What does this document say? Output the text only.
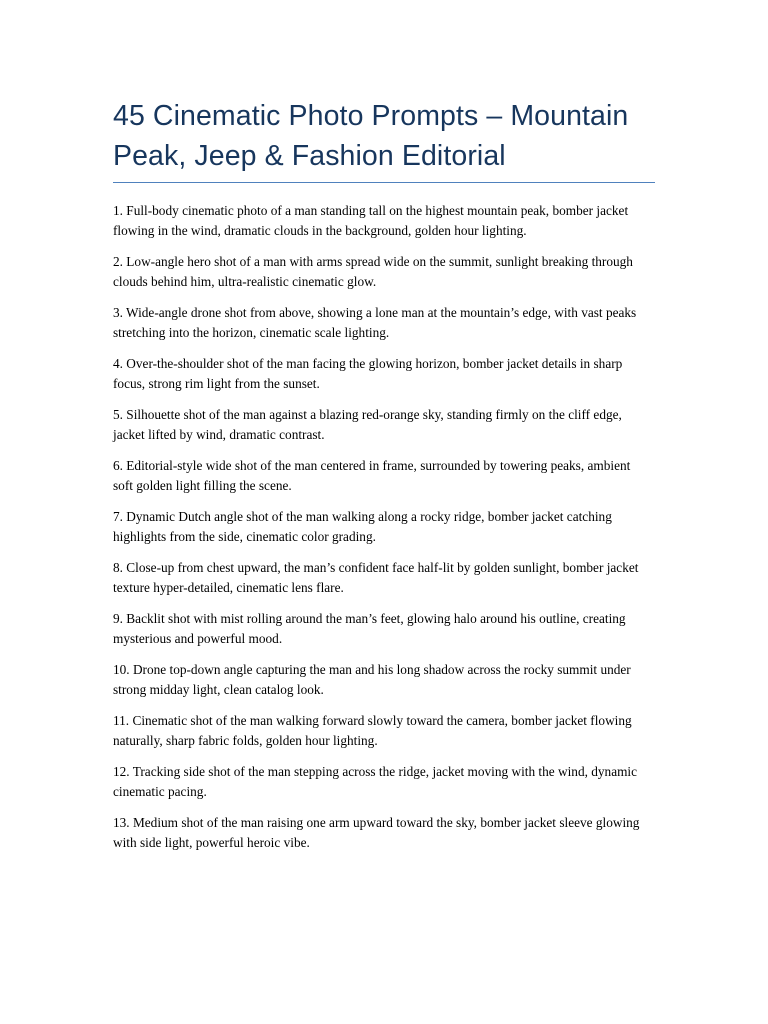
45 Cinematic Photo Prompts – Mountain Peak, Jeep & Fashion Editorial

1. Full-body cinematic photo of a man standing tall on the highest mountain peak, bomber jacket flowing in the wind, dramatic clouds in the background, golden hour lighting.

2. Low-angle hero shot of a man with arms spread wide on the summit, sunlight breaking through clouds behind him, ultra-realistic cinematic glow.

3. Wide-angle drone shot from above, showing a lone man at the mountain’s edge, with vast peaks stretching into the horizon, cinematic scale lighting.

4. Over-the-shoulder shot of the man facing the glowing horizon, bomber jacket details in sharp focus, strong rim light from the sunset.

5. Silhouette shot of the man against a blazing red-orange sky, standing firmly on the cliff edge, jacket lifted by wind, dramatic contrast.

6. Editorial-style wide shot of the man centered in frame, surrounded by towering peaks, ambient soft golden light filling the scene.

7. Dynamic Dutch angle shot of the man walking along a rocky ridge, bomber jacket catching highlights from the side, cinematic color grading.

8. Close-up from chest upward, the man’s confident face half-lit by golden sunlight, bomber jacket texture hyper-detailed, cinematic lens flare.

9. Backlit shot with mist rolling around the man’s feet, glowing halo around his outline, creating mysterious and powerful mood.

10. Drone top-down angle capturing the man and his long shadow across the rocky summit under strong midday light, clean catalog look.

11. Cinematic shot of the man walking forward slowly toward the camera, bomber jacket flowing naturally, sharp fabric folds, golden hour lighting.

12. Tracking side shot of the man stepping across the ridge, jacket moving with the wind, dynamic cinematic pacing.

13. Medium shot of the man raising one arm upward toward the sky, bomber jacket sleeve glowing with side light, powerful heroic vibe.
